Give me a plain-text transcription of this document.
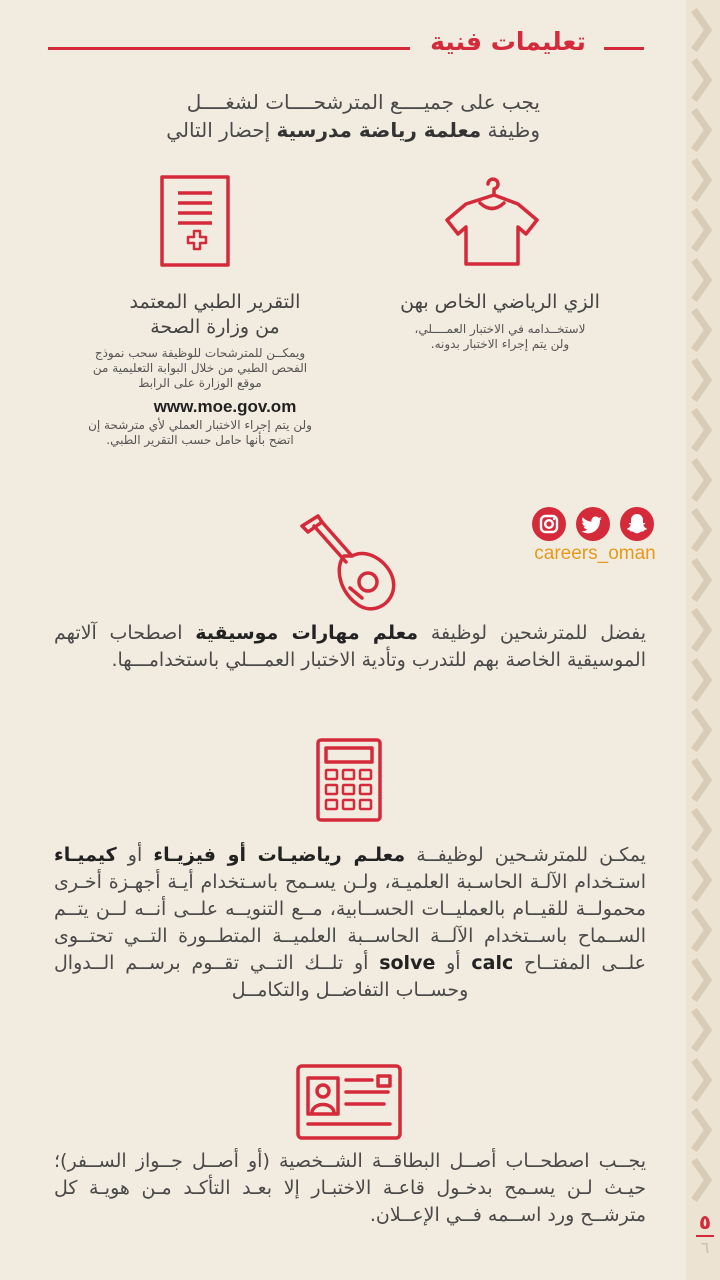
تعليمات فنية
يجب على جميــــع المترشحــــات لشغــــل
وظيفة معلمة رياضة مدرسية إحضار التالي
الزي الرياضي الخاص بهن
لاستخــدامه في الاختبار العمــــلي،
ولن يتم إجراء الاختبار بدونه.
التقرير الطبي المعتمد
من وزارة الصحة
ويمكــن للمترشحات للوظيفة سحب نموذج
الفحص الطبي من خلال البوابة التعليمية من
موقع الوزارة على الرابط
www.moe.gov.om
ولن يتم إجراء الاختبار العملي لأي مترشحة إن
اتضح بأنها حامل حسب التقرير الطبي.
careers_oman
يفضل للمترشحين لوظيفة معلم مهارات موسيقية اصطحاب آلاتهم الموسيقية الخاصة بهم للتدرب وتأدية الاختبار العمـــلي باستخدامـــها.
يمكـن للمترشـحين لوظيفــة معلـم رياضيـات أو فيزيـاء أو كيميـاء استـخدام الآلـة الحاسـبة العلميـة، ولـن يسـمح باسـتخدام أيـة أجهـزة أخـرى محمولــة للقيــام بالعمليــات الحســابية، مــع التنويــه علــى أنــه لــن يتــم الســماح باســتخدام الآلــة الحاســبة العلميــة المتطــورة التــي تحتــوى علــى المفتــاح calc أو solve أو تلــك التــي تقــوم برســم الــدوال وحســاب التفاضــل والتكامــل
يجــب اصطحــاب أصــل البطاقــة الشــخصية (أو أصــل جــواز الســفر)؛ حيـث لـن يسـمح بدخـول قاعـة الاختبـار إلا بعـد التأكـد مـن هويـة كل مترشــح ورد اســمه فــي الإعــلان.	٥
٦
